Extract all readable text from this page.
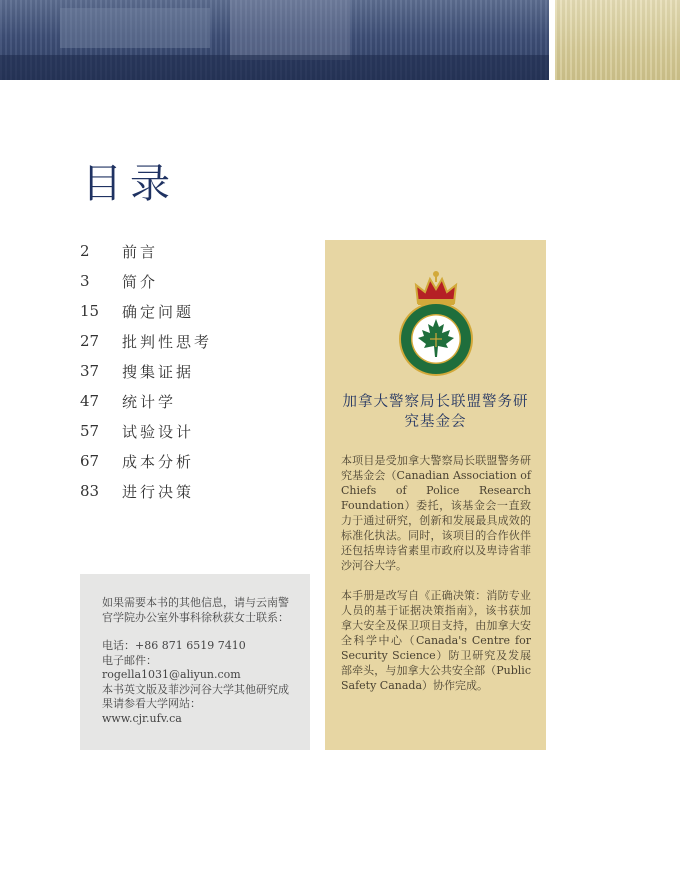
目录
2	前言
3	简介
15	确定问题
27	批判性思考
37	搜集证据
47	统计学
57	试验设计
67	成本分析
83	进行决策

如果需要本书的其他信息，请与云南警官学院办公室外事科徐秋荻女士联系：

电话：+86 871 6519 7410

电子邮件：rogella1031@aliyun.com

本书英文版及菲沙河谷大学其他研究成果请参看大学网站：

www.cjr.ufv.ca

加拿大警察局长联盟警务研究基金会

本项目是受加拿大警察局长联盟警务研究基金会（Canadian Association of Chiefs of Police Research Foundation）委托，该基金会一直致力于通过研究，创新和发展最具成效的标准化执法。同时，该项目的合作伙伴还包括卑诗省素里市政府以及卑诗省菲沙河谷大学。

本手册是改写自《正确决策：消防专业人员的基于证据决策指南》，该书获加拿大安全及保卫项目支持，由加拿大安全科学中心（Canada's Centre for Security Science）防卫研究及发展部牵头，与加拿大公共安全部（Public Safety Canada）协作完成。
